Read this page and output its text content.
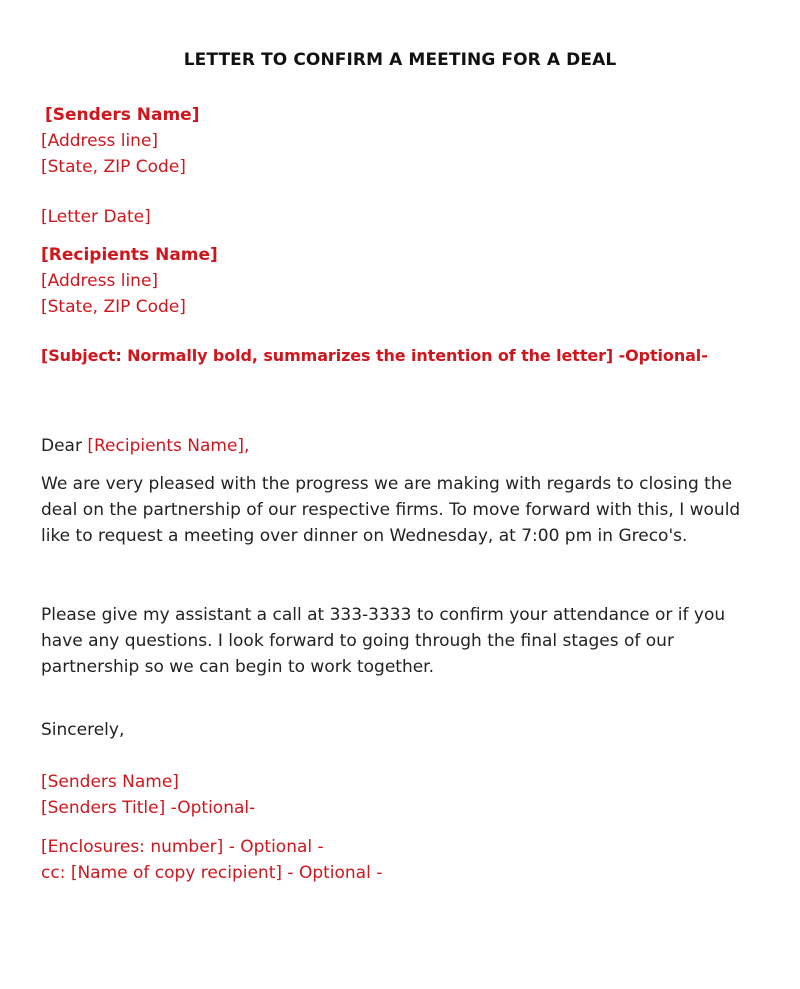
LETTER TO CONFIRM A MEETING FOR A DEAL
[Senders Name]
[Address line]
[State, ZIP Code]
[Letter Date]
[Recipients Name]
[Address line]
[State, ZIP Code]
[Subject: Normally bold, summarizes the intention of the letter] -Optional-
Dear [Recipients Name],
We are very pleased with the progress we are making with regards to closing the deal on the partnership of our respective firms. To move forward with this, I would like to request a meeting over dinner on Wednesday, at 7:00 pm in Greco's.
Please give my assistant a call at 333-3333 to confirm your attendance or if you have any questions. I look forward to going through the final stages of our partnership so we can begin to work together.
Sincerely,
[Senders Name]
[Senders Title] -Optional-
[Enclosures: number] - Optional -
cc: [Name of copy recipient] - Optional -
